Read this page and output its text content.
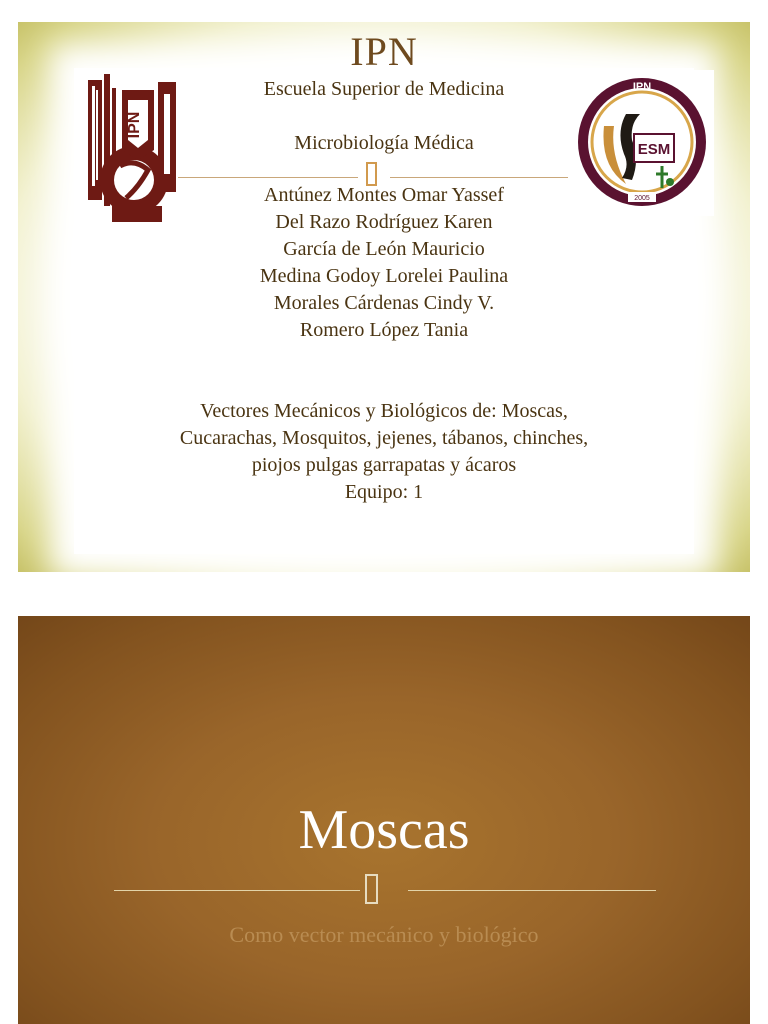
IPN
Escuela Superior de Medicina
Microbiología Médica
Antúnez Montes Omar Yassef
Del Razo Rodríguez Karen
García de León Mauricio
Medina Godoy Lorelei Paulina
Morales Cárdenas Cindy V.
Romero López Tania
Vectores Mecánicos y Biológicos de: Moscas,
Cucarachas, Mosquitos, jejenes, tábanos, chinches,
piojos pulgas garrapatas y ácaros
Equipo: 1
IPN
ESM
IPN
2005
Moscas
Como vector mecánico y biológico
